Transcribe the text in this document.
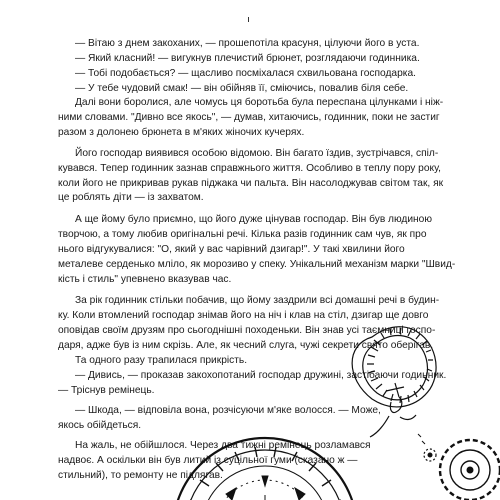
— Вітаю з днем закоханих, — прошепотіла красуня, цілуючи його в уста.
— Який класний! — вигукнув плечистий брюнет, розглядаючи годинника.
— Тобі подобається? — щасливо посміхалася схвильована господарка.
— У тебе чудовий смак! — він обійняв її, сміючись, повалив біля себе.
Далі вони боролися, але чомусь ця боротьба була переспана цілунками і ніж-
ними словами. "Дивно все якось", — думав, хитаючись, годинник, поки не застиг
разом з долонею брюнета в м'яких жіночих кучерях.
Його господар виявився особою відомою. Він багато їздив, зустрічався, спіл-
кувався. Тепер годинник зазнав справжнього життя. Особливо в теплу пору року,
коли його не прикривав рукав піджака чи пальта. Він насолоджував світом так, як
це роблять діти — із захватом.
А ще йому було приємно, що його дуже цінував господар. Він був людиною
творчою, а тому любив оригінальні речі. Кілька разів годинник сам чув, як про
нього відгукувалися: "О, який у вас чарівний дзигар!". У такі хвилини його
металеве серденько мліло, як морозиво у спеку. Унікальний механізм марки "Швид-
кість і стиль" упевнено вказував час.
За рік годинник стільки побачив, що йому заздрили всі домашні речі в будин-
ку. Коли втомлений господар знімав його на ніч і клав на стіл, дзигар ще довго
оповідав своїм друзям про сьогоднішні походеньки. Він знав усі таємниці госпо-
даря, адже був із ним скрізь. Але, як чесний слуга, чужі секрети свято оберігав.
Та одного разу трапилася прикрість.
— Дивись, — проказав закохопотаний господар дружині, застібаючи годинник.
— Тріснув ремінець.
— Шкода, — відповіла вона, розчісуючи м'яке волосся. — Може,
якось обійдеться.
На жаль, не обійшлося. Через два тижні ремінець розламався
надвоє. А оскільки він був литий із суцільної гуми (сказано ж —
стильний), то ремонту не підлягав.
